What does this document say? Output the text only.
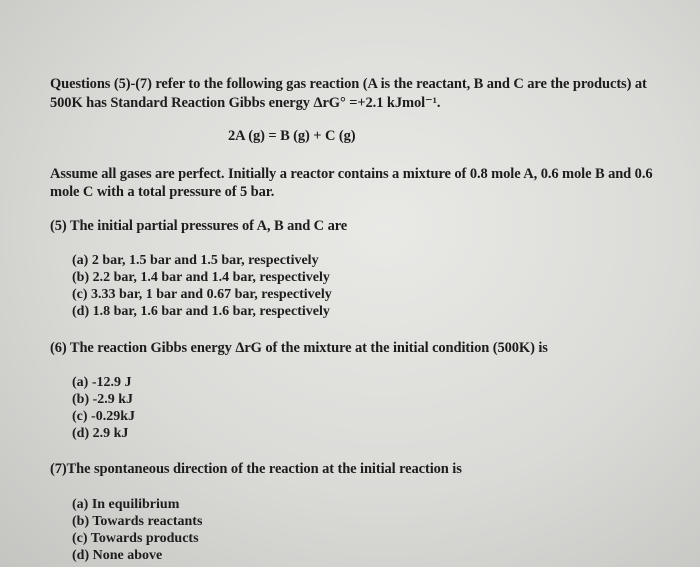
Questions (5)-(7) refer to the following gas reaction (A is the reactant, B and C are the products) at
500K has Standard Reaction Gibbs energy ΔrG° =+2.1 kJmol⁻¹.
2A (g) = B (g) + C (g)
Assume all gases are perfect. Initially a reactor contains a mixture of 0.8 mole A, 0.6 mole B and 0.6
mole C with a total pressure of 5 bar.
(5) The initial partial pressures of A, B and C are
(a) 2 bar, 1.5 bar and 1.5 bar, respectively
(b) 2.2 bar, 1.4 bar and 1.4 bar, respectively
(c) 3.33 bar, 1 bar and 0.67 bar, respectively
(d) 1.8 bar, 1.6 bar and 1.6 bar, respectively
(6) The reaction Gibbs energy ΔrG of the mixture at the initial condition (500K) is
(a) -12.9 J
(b) -2.9 kJ
(c) -0.29kJ
(d) 2.9 kJ
(7)The spontaneous direction of the reaction at the initial reaction is
(a) In equilibrium
(b) Towards reactants
(c) Towards products
(d) None above
